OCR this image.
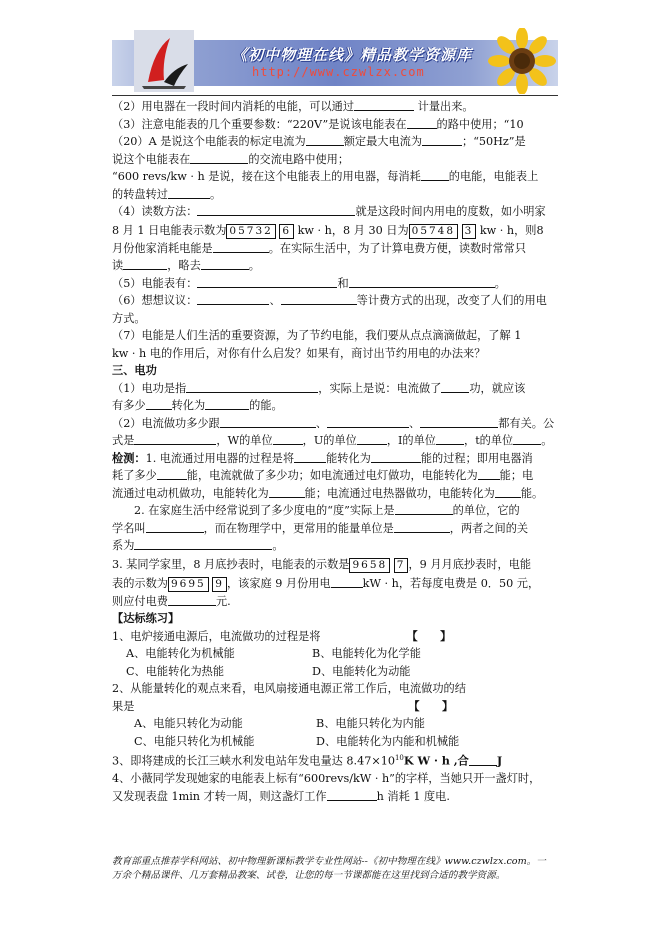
《初中物理在线》精品教学资源库
http://www.czwlzx.com

（2）用电器在一段时间内消耗的电能，可以通过	计量出来。

（3）注意电能表的几个重要参数：“220V”是说该电能表在	的路中使用；“10

（20）A 是说这个电能表的标定电流为	额定最大电流为	；“50Hz”是

说这个电能表在	的交流电路中使用；

“600 revs/kw · h 是说，接在这个电能表上的用电器，每消耗	的电能，电能表上

的转盘转过	。

（4）读数方法：	就是这段时间内用电的度数，如小明家

8 月 1 日电能表示数为 05732 6 kw · h，8 月 30 日为 05748 3 kw · h，则8

月份他家消耗电能是	。在实际生活中，为了计算电费方便，读数时常常只

读	，略去	。

（5）电能表有：	和	。

（6）想想议议：	、	等计费方式的出现，改变了人们的用电

方式。

（7）电能是人们生活的重要资源，为了节约电能，我们要从点点滴滴做起，了解 1

kw · h 电的作用后，对你有什么启发？如果有，商讨出节约用电的办法来？

三、电功

（1）电功是指	，实际上是说：电流做了	功，就应该

有多少 转化为	的能。

（2）电流做功多少跟	、	、	都有关。公

式是	，W的单位	，U的单位	，I的单位	，t的单位	。

检测：1. 电流通过用电器的过程是将	能转化为	能的过程；即用电器消

耗了多少	能，电流就做了多少功；如电流通过电灯做功，电能转化为 能；电

流通过电动机做功，电能转化为	能；电流通过电热器做功，电能转化为 能。

2. 在家庭生活中经常说到了多少度电的“度”实际上是	的单位，它的

学名叫	，而在物理学中，更常用的能量单位是	，两者之间的关

系为	。

3. 某同学家里，8 月底抄表时，电能表的示数是 9658 7 ，9 月月底抄表时，电能

表的示数为 9695 9 ，该家庭 9 月份用电	kW · h，若每度电费是 0．50 元，

则应付电费	元.

【达标练习】

1、电炉接通电源后，电流做功的过程是将	【　　】

A、电能转化为机械能	B、电能转化为化学能

C、电能转化为热能	D、电能转化为动能

2、从能量转化的观点来看，电风扇接通电源正常工作后，电流做功的结

果是	【　　】

A、电能只转化为动能	B、电能只转化为内能

C、电能只转化为机械能	D、电能转化为内能和机械能

3、即将建成的长江三峡水利发电站年发电量达 $8.47\times 10^{10}K$ W · h ,合	J

4、小薇同学发现她家的电能表上标有“600revs/kW · h”的字样，当她只开一盏灯时，

又发现表盘 1min 才转一周，则这盏灯工作	h 消耗 1 度电.

教育部重点推荐学科网站、初中物理新课标教学专业性网站--《初中物理在线》www.czwlzx.com。一

万余个精品课件、几万套精品教案、试卷，让您的每一节课都能在这里找到合适的教学资源。
